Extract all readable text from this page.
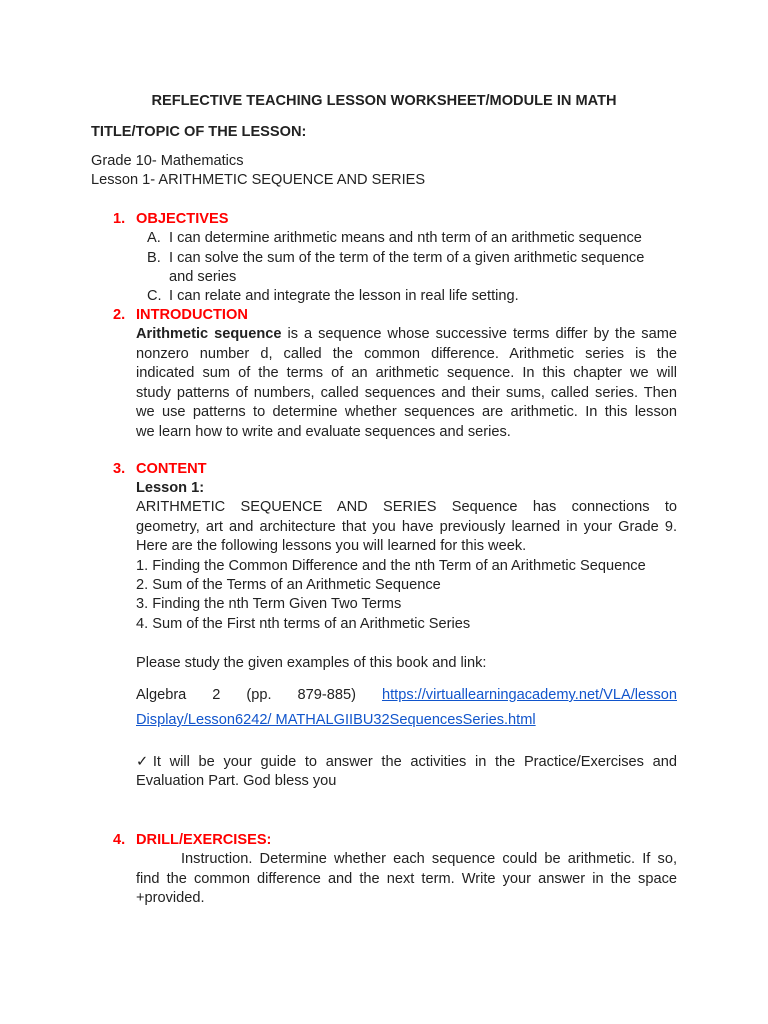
REFLECTIVE TEACHING LESSON WORKSHEET/MODULE IN MATH
TITLE/TOPIC OF THE LESSON:
Grade 10- Mathematics
Lesson 1- ARITHMETIC SEQUENCE AND SERIES
1. OBJECTIVES
A. I can determine arithmetic means and nth term of an arithmetic sequence
B. I can solve the sum of the term of the term of a given arithmetic sequence
and series
C. I can relate and integrate the lesson in real life setting.
2. INTRODUCTION
Arithmetic sequence is a sequence whose successive terms differ by the same
nonzero number d, called the common difference. Arithmetic series is the
indicated sum of the terms of an arithmetic sequence. In this chapter we will
study patterns of numbers, called sequences and their sums, called series. Then
we use patterns to determine whether sequences are arithmetic. In this lesson
we learn how to write and evaluate sequences and series.
3. CONTENT
Lesson 1:
ARITHMETIC SEQUENCE AND SERIES Sequence has connections to
geometry, art and architecture that you have previously learned in your Grade 9.
Here are the following lessons you will learned for this week.
1. Finding the Common Difference and the nth Term of an Arithmetic Sequence
2. Sum of the Terms of an Arithmetic Sequence
3. Finding the nth Term Given Two Terms
4. Sum of the First nth terms of an Arithmetic Series
Please study the given examples of this book and link:
Algebra 2 (pp. 879-885) https://virtuallearningacademy.net/VLA/lesson
Display/Lesson6242/ MATHALGIIBU32SequencesSeries.html
✓It will be your guide to answer the activities in the Practice/Exercises and
Evaluation Part. God bless you
4. DRILL/EXERCISES:
Instruction. Determine whether each sequence could be arithmetic. If so,
find the common difference and the next term. Write your answer in the space
+provided.
